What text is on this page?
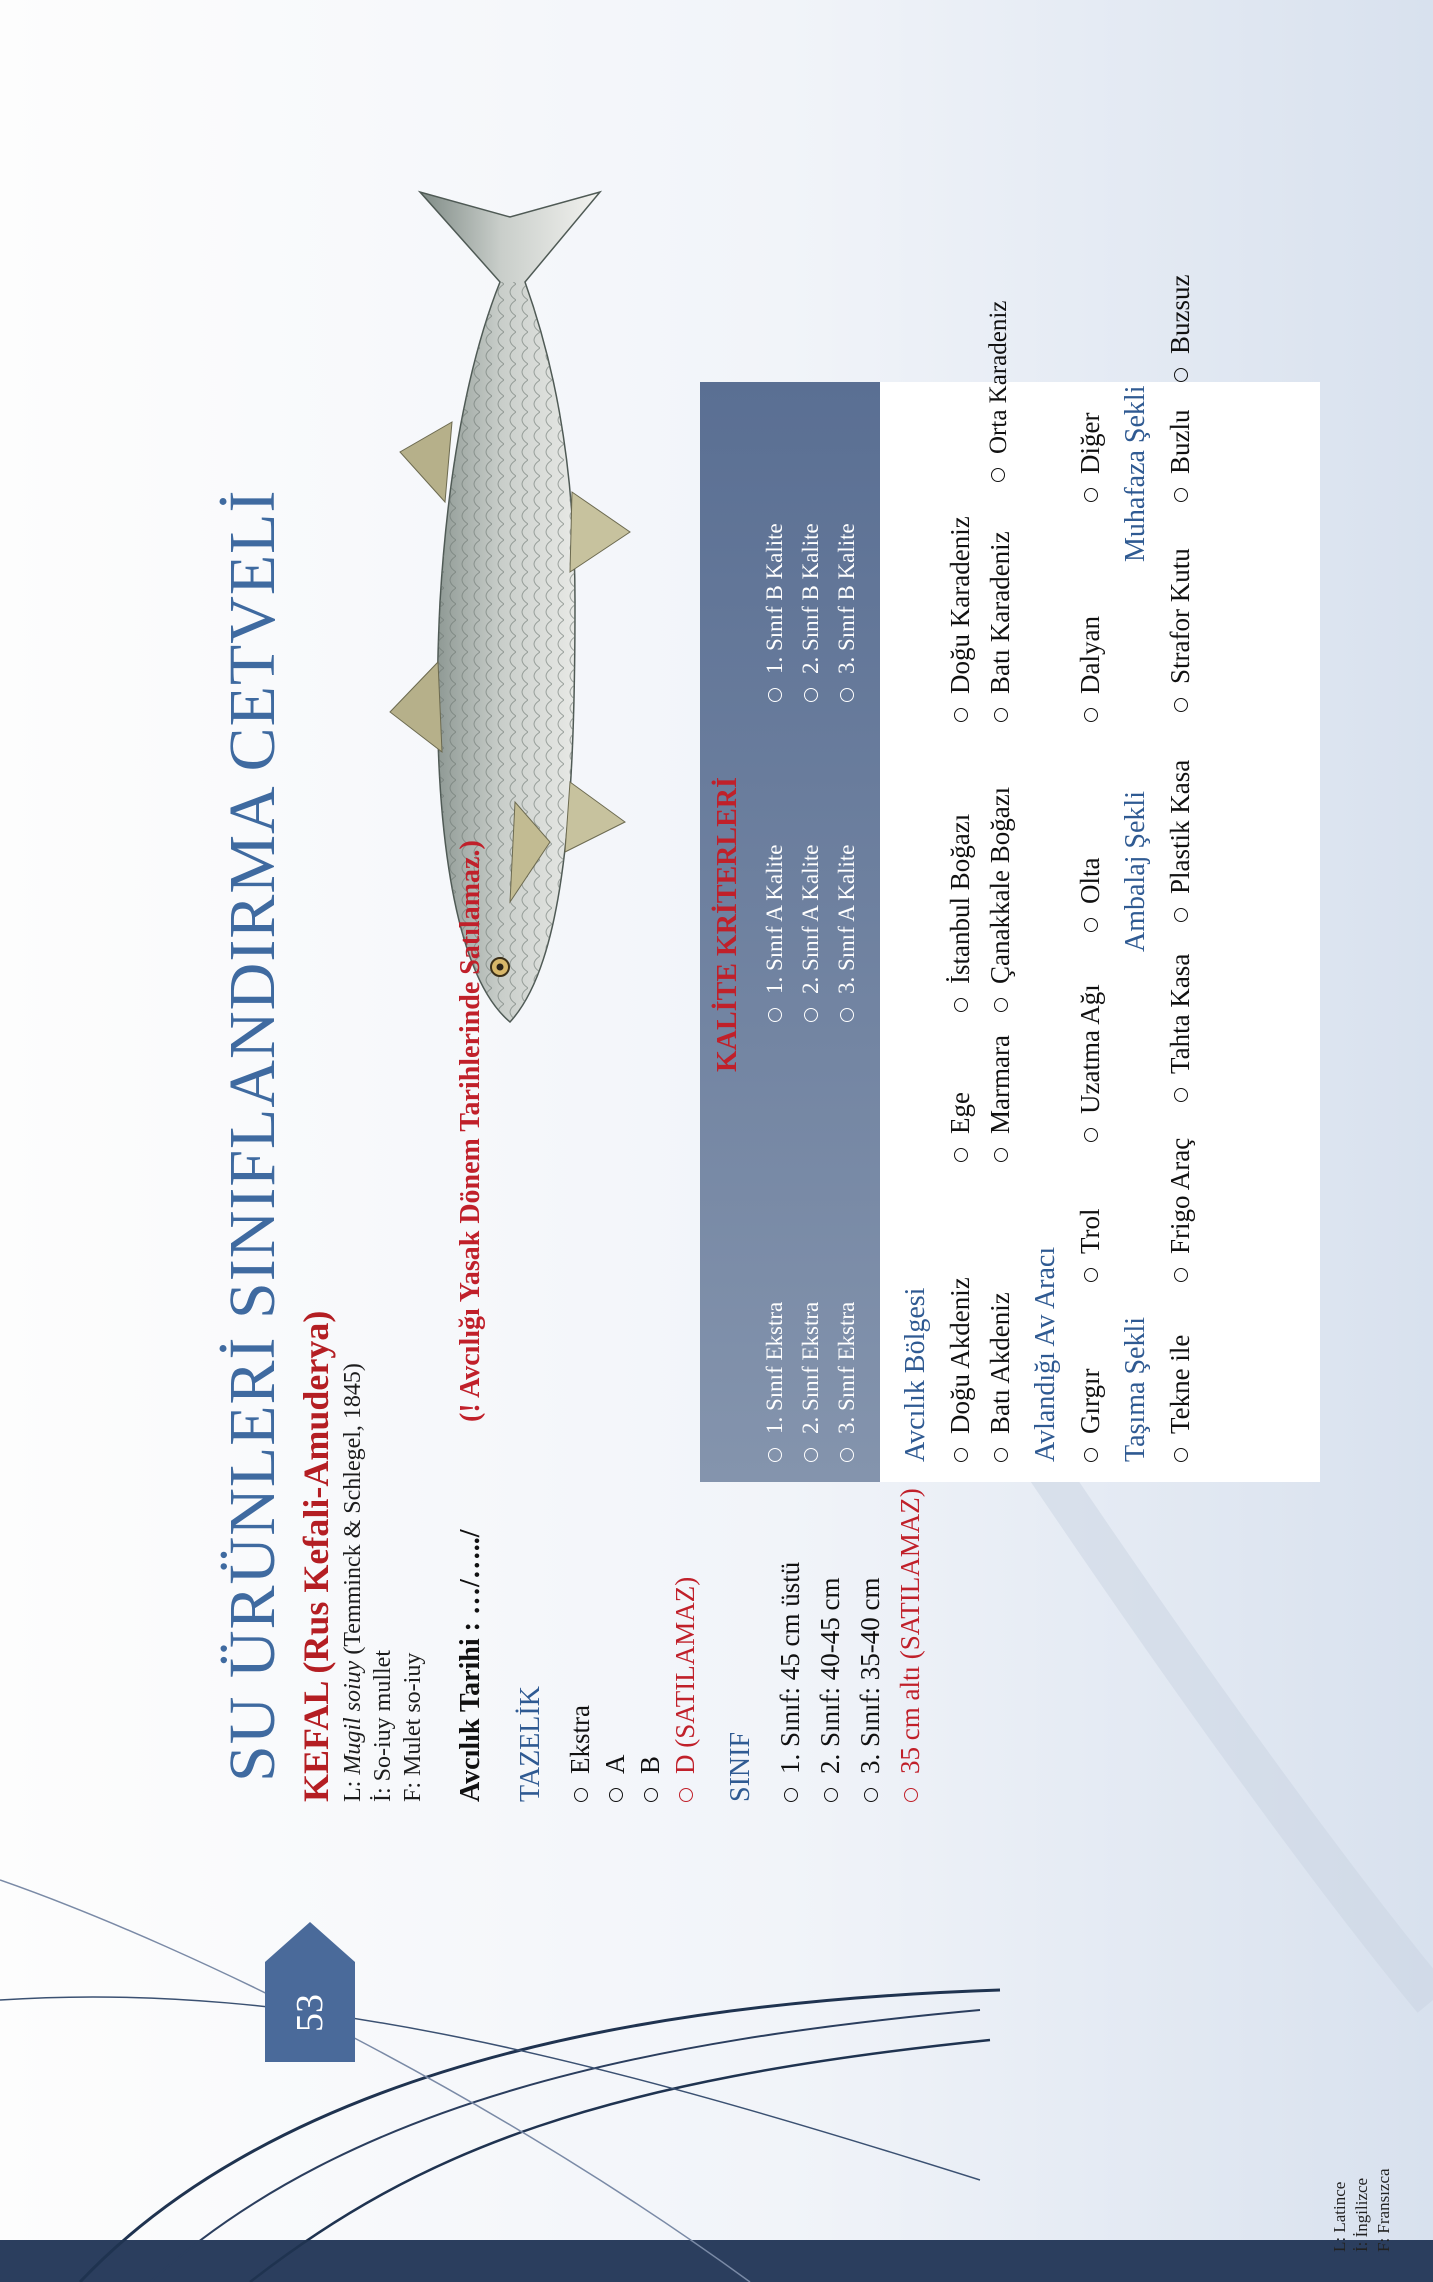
53
SU ÜRÜNLERİ SINIFLANDIRMA CETVELİ KEFAL (Rus Kefali-Amuderya) L: Mugil soiuy (Temminck & Schlegel, 1845)
İ: So-iuy mullet F: Mulet so-iuy Avcılık Tarihi : …/…../
(! Avcılığı Yasak Dönem Tarihlerinde Satılamaz.)
TAZELİK Ekstra A B D (SATILAMAZ) SINIF 1. Sınıf: 45 cm üstü 2. Sınıf: 40-45 cm 3. Sınıf: 35-40 cm 35 cm altı (SATILAMAZ)
KALİTE KRİTERLERİ
1. Sınıf Ekstra
1. Sınıf A Kalite
1. Sınıf B Kalite
2. Sınıf Ekstra
2. Sınıf A Kalite
2. Sınıf B Kalite
3. Sınıf Ekstra
3. Sınıf A Kalite
3. Sınıf B Kalite
Avcılık Bölgesi Doğu Akdeniz
Ege
İstanbul Boğazı
Doğu Karadeniz
Batı Akdeniz
Marmara
Çanakkale Boğazı
Batı Karadeniz
Orta Karadeniz
Avlandığı Av Aracı Gırgır
Trol
Uzatma Ağı
Olta
Dalyan
Diğer
Taşıma Şekli
Ambalaj Şekli
Muhafaza Şekli
Tekne ile
Frigo Araç
Tahta Kasa
Plastik Kasa
Strafor Kutu
Buzlu
Buzsuz
L: Latince İ: İngilizce F: Fransızca
